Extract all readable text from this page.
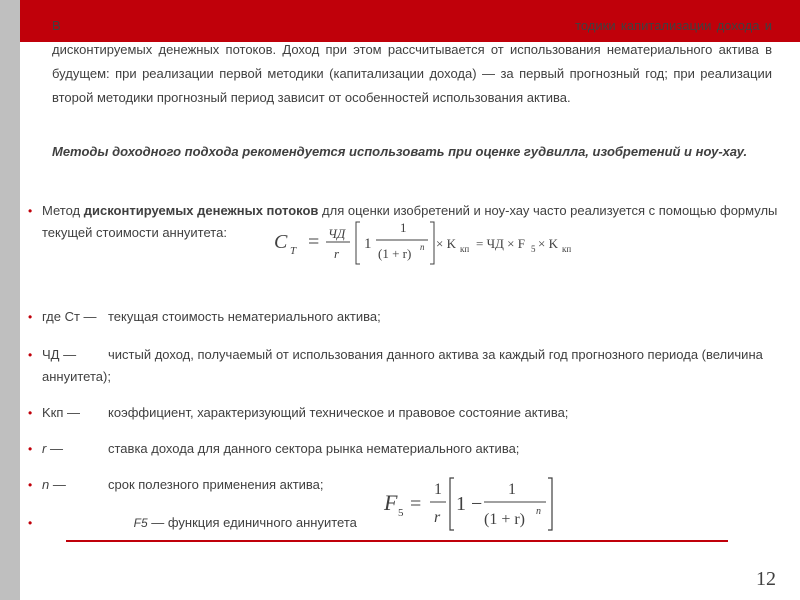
В	тодики капитализации дохода и дисконтируемых денежных потоков. Доход при этом рассчитывается от использования нематериального актива в будущем: при реализации первой методики (капитализации дохода) — за первый прогнозный год; при реализации второй методики прогнозный период зависит от особенностей использования актива.
Методы доходного подхода рекомендуется использовать при оценке гудвилла, изобретений и ноу-хау.
• Метод дисконтируемых денежных потоков для оценки изобретений и ноу-хау часто реализуется с помощью формулы текущей стоимости аннуитета:	C T = ЧД
r
1
1
(1 + r) n × K кп = ЧД × F 5 × K кп
• где Cт — текущая стоимость нематериального актива;
• ЧД — чистый доход, получаемый от использования данного актива за каждый год прогнозного периода (величина аннуитета);
• Kкп — коэффициент, характеризующий техническое и правовое состояние актива;
• r —	ставка дохода для данного сектора рынка нематериального актива;
• n —	срок полезного применения актива;
•	F5 — функция единичного аннуитета
F 5 =
1
r
1 −
1
(1 + r) n
12
